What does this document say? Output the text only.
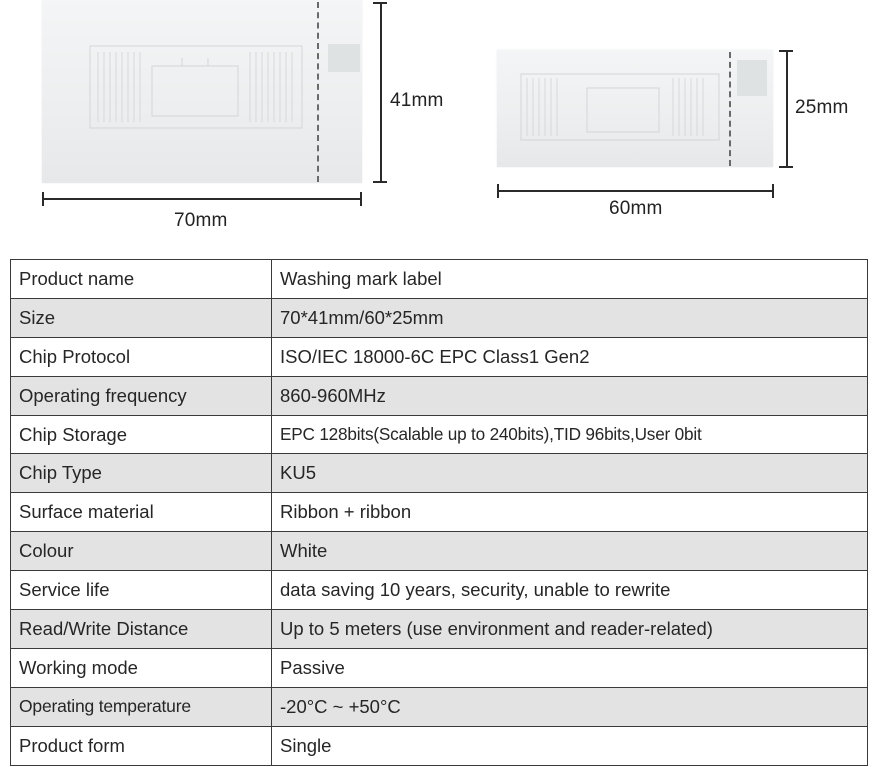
41mm
70mm
25mm
60mm
Product name	Washing mark label
Size	70*41mm/60*25mm
Chip Protocol	ISO/IEC 18000-6C EPC Class1 Gen2
Operating frequency	860-960MHz
Chip Storage	EPC 128bits(Scalable up to 240bits),TID 96bits,User 0bit
Chip Type	KU5
Surface material	Ribbon + ribbon
Colour	White
Service life	data saving 10 years, security, unable to rewrite
Read/Write Distance	Up to 5 meters (use environment and reader-related)
Working mode	Passive
Operating temperature	-20°C ~ +50°C
Product form	Single
